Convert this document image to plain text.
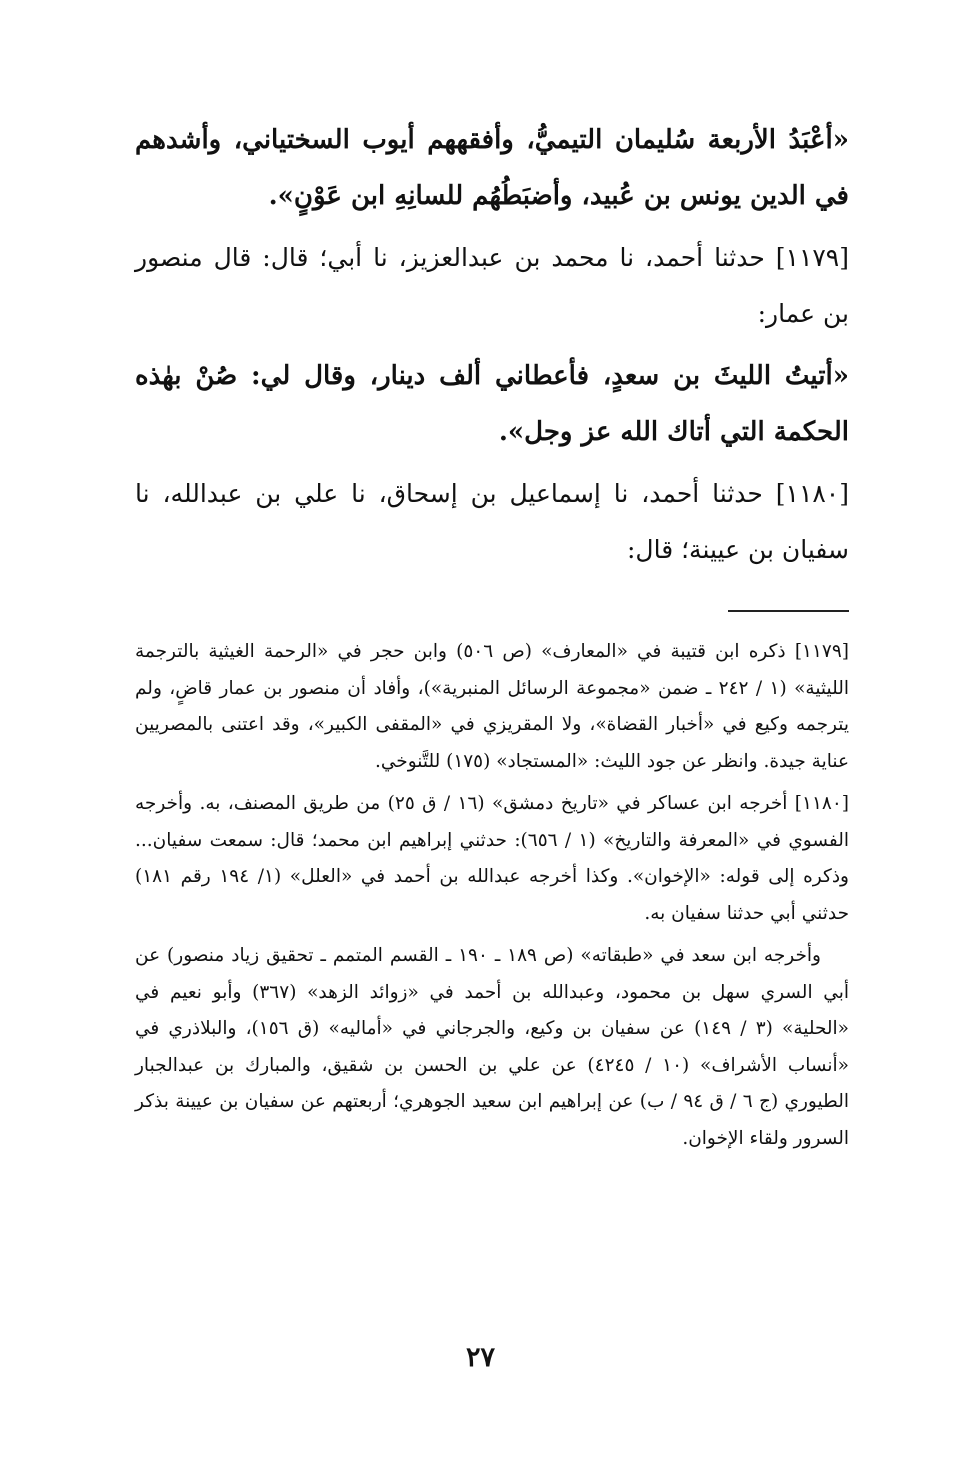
«أعْبَدُ الأربعة سُليمان التيميُّ، وأفقههم أيوب السختياني، وأشدهم في الدين يونس بن عُبيد، وأضبَطُهُم للسانِهِ ابن عَوْنٍ».

[١١٧٩] حدثنا أحمد، نا محمد بن عبدالعزيز، نا أبي؛ قال: قال منصور بن عمار:

«أتيتُ الليثَ بن سعدٍ، فأعطاني ألف دينار، وقال لي: صُنْ بهٰذه الحكمة التي أتاك الله عز وجل».

[١١٨٠] حدثنا أحمد، نا إسماعيل بن إسحاق، نا علي بن عبدالله، نا سفيان بن عيينة؛ قال:

[١١٧٩] ذكره ابن قتيبة في «المعارف» (ص ٥٠٦) وابن حجر في «الرحمة الغيثية بالترجمة الليثية» (١ / ٢٤٢ ـ ضمن «مجموعة الرسائل المنبرية»)، وأفاد أن منصور بن عمار قاضٍ، ولم يترجمه وكيع في «أخبار القضاة»، ولا المقريزي في «المقفى الكبير»، وقد اعتنى بالمصريين عناية جيدة. وانظر عن جود الليث: «المستجاد» (١٧٥) للتَّنوخي.

[١١٨٠] أخرجه ابن عساكر في «تاريخ دمشق» (١٦ / ق ٢٥) من طريق المصنف، به. وأخرجه الفسوي في «المعرفة والتاريخ» (١ / ٦٥٦): حدثني إبراهيم ابن محمد؛ قال: سمعت سفيان... وذكره إلى قوله: «الإخوان». وكذا أخرجه عبدالله بن أحمد في «العلل» (١/ ١٩٤ رقم ١٨١) حدثني أبي حدثنا سفيان به.

وأخرجه ابن سعد في «طبقاته» (ص ١٨٩ ـ ١٩٠ ـ القسم المتمم ـ تحقيق زياد منصور) عن أبي السري سهل بن محمود، وعبدالله بن أحمد في «زوائد الزهد» (٣٦٧) وأبو نعيم في «الحلية» (٣ / ١٤٩) عن سفيان بن وكيع، والجرجاني في «أماليه» (ق ١٥٦)، والبلاذري في «أنساب الأشراف» (١٠ / ٤٢٤٥) عن علي بن الحسن بن شقيق، والمبارك بن عبدالجبار الطيوري (ج ٦ / ق ٩٤ / ب) عن إبراهيم ابن سعيد الجوهري؛ أربعتهم عن سفيان بن عيينة بذكر السرور ولقاء الإخوان.

٢٧
